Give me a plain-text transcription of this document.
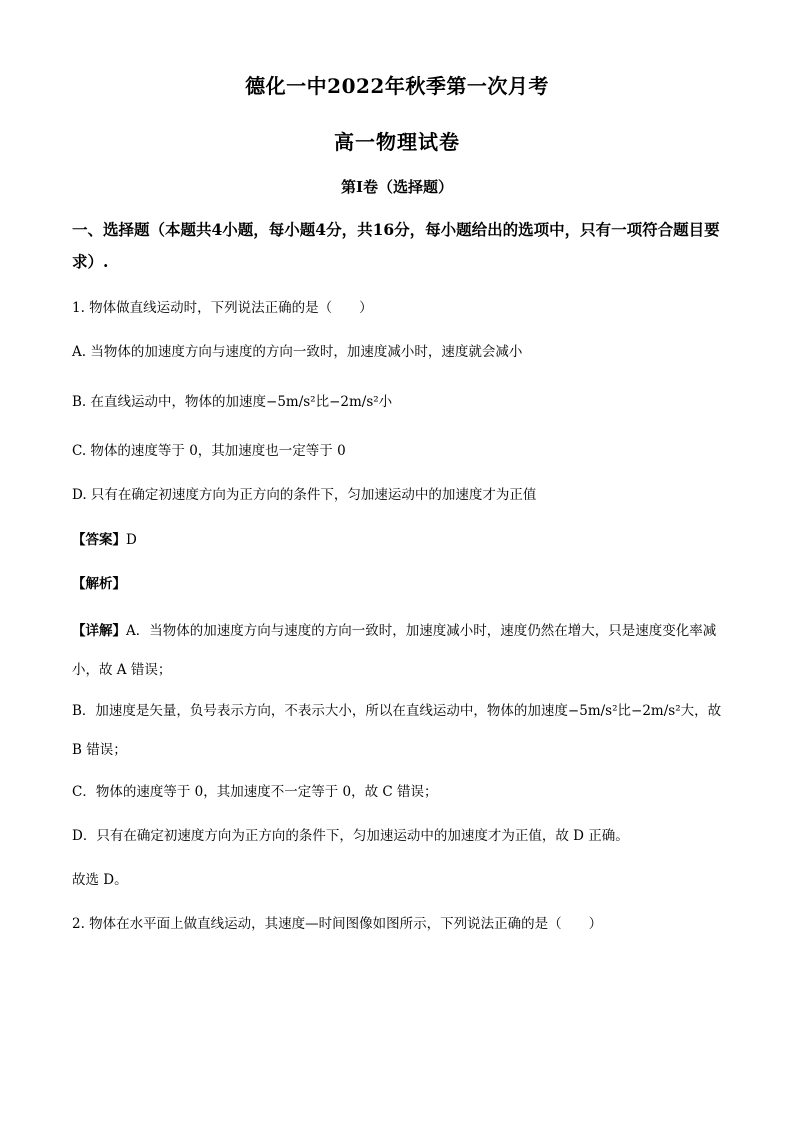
德化一中2022年秋季第一次月考
高一物理试卷
第I卷（选择题）
一、选择题（本题共4小题，每小题4分，共16分，每小题给出的选项中，只有一项符合题目要求）.
1. 物体做直线运动时，下列说法正确的是（　　）
A. 当物体的加速度方向与速度的方向一致时，加速度减小时，速度就会减小
B. 在直线运动中，物体的加速度−5m/s²比−2m/s²小
C. 物体的速度等于 0，其加速度也一定等于 0
D. 只有在确定初速度方向为正方向的条件下，匀加速运动中的加速度才为正值
【答案】D
【解析】
【详解】A．当物体的加速度方向与速度的方向一致时，加速度减小时，速度仍然在增大，只是速度变化率减小，故 A 错误；
B．加速度是矢量，负号表示方向，不表示大小，所以在直线运动中，物体的加速度−5m/s²比−2m/s²大，故 B 错误；
C．物体的速度等于 0，其加速度不一定等于 0，故 C 错误；
D．只有在确定初速度方向为正方向的条件下，匀加速运动中的加速度才为正值，故 D 正确。
故选 D。
2. 物体在水平面上做直线运动，其速度—时间图像如图所示，下列说法正确的是（　　）
